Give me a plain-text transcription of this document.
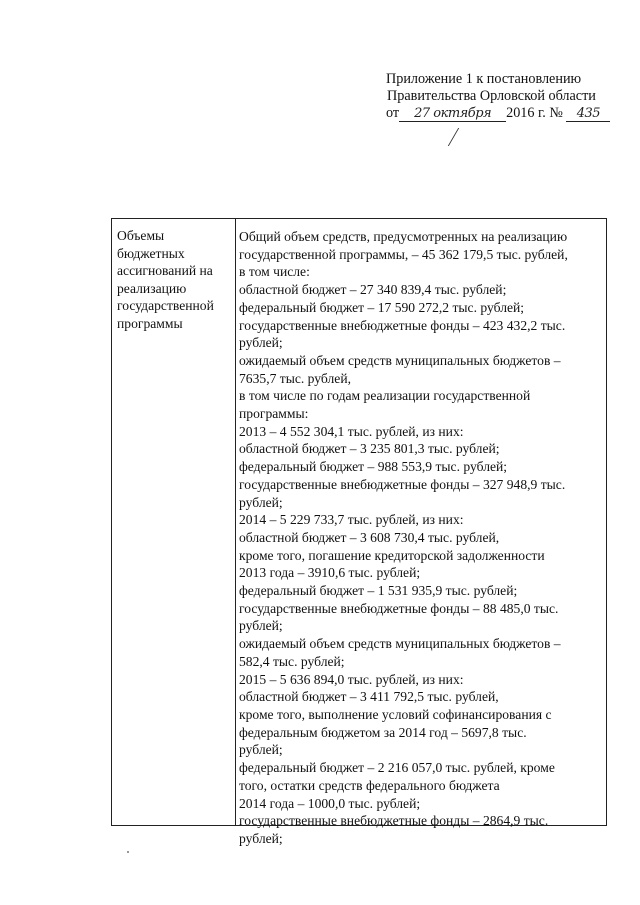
Приложение 1 к постановлению
Правительства Орловской области
от 27 октября 2016 г. № 435
Объемы
бюджетных
ассигнований на
реализацию
государственной
программы
Общий объем средств, предусмотренных на реализацию
государственной программы, – 45 362 179,5 тыс. рублей,
в том числе:
областной бюджет – 27 340 839,4 тыс. рублей;
федеральный бюджет – 17 590 272,2 тыс. рублей;
государственные внебюджетные фонды – 423 432,2 тыс.
рублей;
ожидаемый объем средств муниципальных бюджетов –
7635,7 тыс. рублей,
в том числе по годам реализации государственной
программы:
2013 – 4 552 304,1 тыс. рублей, из них:
областной бюджет – 3 235 801,3 тыс. рублей;
федеральный бюджет – 988 553,9 тыс. рублей;
государственные внебюджетные фонды – 327 948,9 тыс.
рублей;
2014 – 5 229 733,7 тыс. рублей, из них:
областной бюджет – 3 608 730,4 тыс. рублей,
кроме того, погашение кредиторской задолженности
2013 года – 3910,6 тыс. рублей;
федеральный бюджет – 1 531 935,9 тыс. рублей;
государственные внебюджетные фонды – 88 485,0 тыс.
рублей;
ожидаемый объем средств муниципальных бюджетов –
582,4 тыс. рублей;
2015 – 5 636 894,0 тыс. рублей, из них:
областной бюджет – 3 411 792,5 тыс. рублей,
кроме того, выполнение условий софинансирования с
федеральным бюджетом за 2014 год – 5697,8 тыс.
рублей;
федеральный бюджет – 2 216 057,0 тыс. рублей, кроме
того, остатки средств федерального бюджета
2014 года – 1000,0 тыс. рублей;
государственные внебюджетные фонды – 2864,9 тыс.
рублей;
